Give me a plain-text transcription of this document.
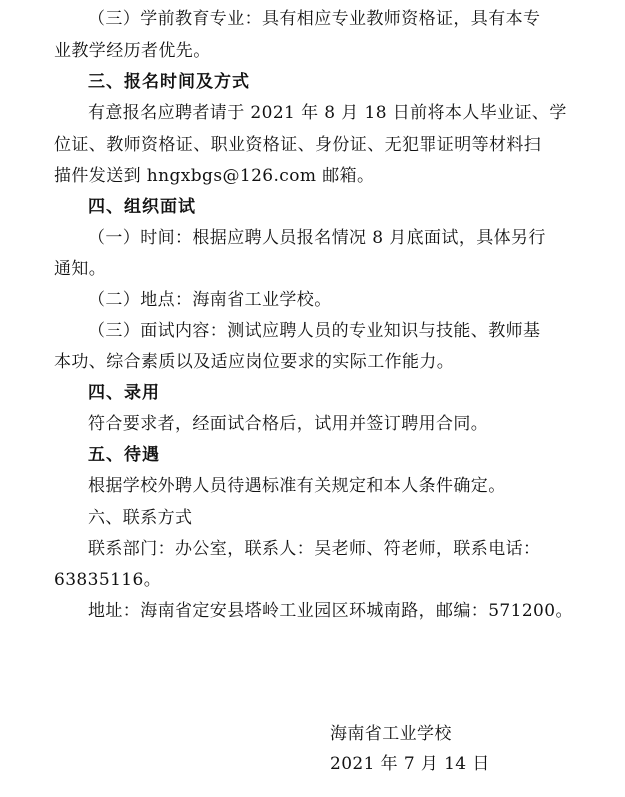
（三）学前教育专业：具有相应专业教师资格证，具有本专
业教学经历者优先。
三、报名时间及方式
有意报名应聘者请于 2021 年 8 月 18 日前将本人毕业证、学
位证、教师资格证、职业资格证、身份证、无犯罪证明等材料扫
描件发送到 hngxbgs@126.com 邮箱。
四、组织面试
（一）时间：根据应聘人员报名情况 8 月底面试，具体另行
通知。
（二）地点：海南省工业学校。
（三）面试内容：测试应聘人员的专业知识与技能、教师基
本功、综合素质以及适应岗位要求的实际工作能力。
四、录用
符合要求者，经面试合格后，试用并签订聘用合同。
五、待遇
根据学校外聘人员待遇标准有关规定和本人条件确定。
六、联系方式
联系部门：办公室，联系人：吴老师、符老师，联系电话：
63835116。
地址：海南省定安县塔岭工业园区环城南路，邮编：571200。
海南省工业学校
2021 年 7 月 14 日
